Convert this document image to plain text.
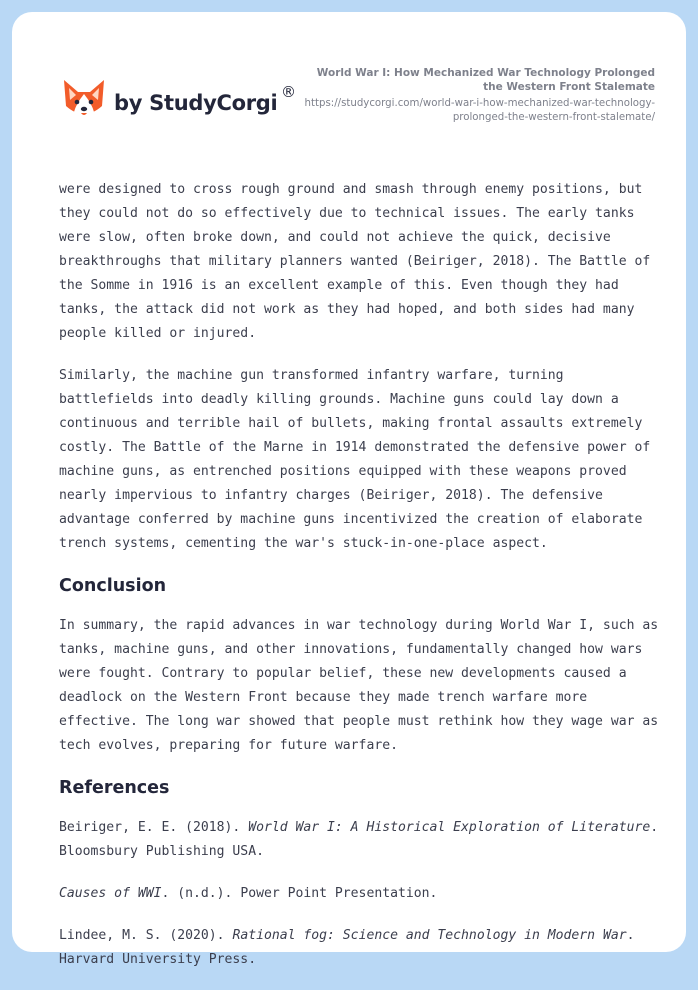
by StudyCorgi ®
World War I: How Mechanized War Technology Prolonged the Western Front Stalemate
https://studycorgi.com/world-war-i-how-mechanized-war-technology-prolonged-the-western-front-stalemate/

were designed to cross rough ground and smash through enemy positions, but they could not do so effectively due to technical issues. The early tanks were slow, often broke down, and could not achieve the quick, decisive breakthroughs that military planners wanted (Beiriger, 2018). The Battle of the Somme in 1916 is an excellent example of this. Even though they had tanks, the attack did not work as they had hoped, and both sides had many people killed or injured.

Similarly, the machine gun transformed infantry warfare, turning battlefields into deadly killing grounds. Machine guns could lay down a continuous and terrible hail of bullets, making frontal assaults extremely costly. The Battle of the Marne in 1914 demonstrated the defensive power of machine guns, as entrenched positions equipped with these weapons proved nearly impervious to infantry charges (Beiriger, 2018). The defensive advantage conferred by machine guns incentivized the creation of elaborate trench systems, cementing the war's stuck-in-one-place aspect.

Conclusion

In summary, the rapid advances in war technology during World War I, such as tanks, machine guns, and other innovations, fundamentally changed how wars were fought. Contrary to popular belief, these new developments caused a deadlock on the Western Front because they made trench warfare more effective. The long war showed that people must rethink how they wage war as tech evolves, preparing for future warfare.

References

Beiriger, E. E. (2018). World War I: A Historical Exploration of Literature. Bloomsbury Publishing USA.

Causes of WWI. (n.d.). Power Point Presentation.

Lindee, M. S. (2020). Rational fog: Science and Technology in Modern War. Harvard University Press.
